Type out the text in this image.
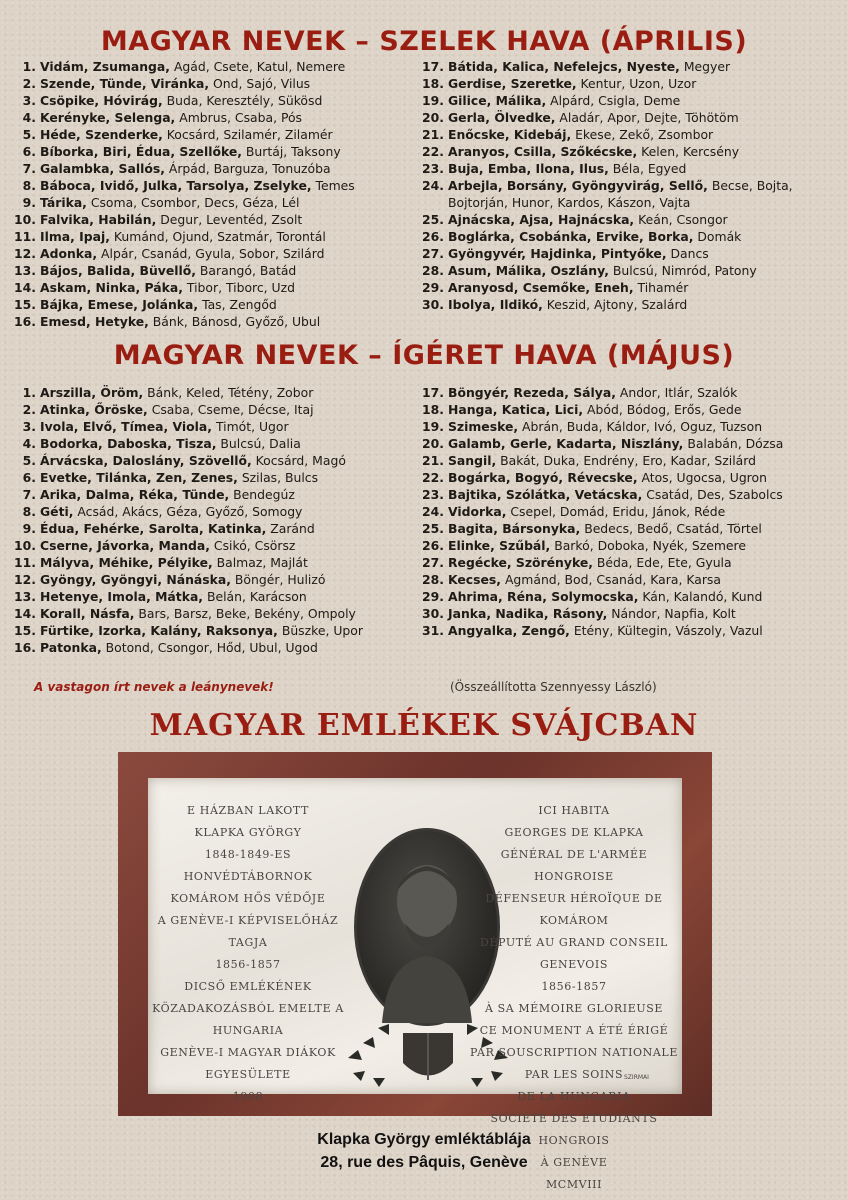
MAGYAR NEVEK – SZELEK HAVA (ÁPRILIS)
1. Vidám, Zsumanga, Agád, Csete, Katul, Nemere
2. Szende, Tünde, Viránka, Ond, Sajó, Vilus
3. Csöpike, Hóvirág, Buda, Keresztély, Sükösd
4. Kerényke, Selenga, Ambrus, Csaba, Pós
5. Héde, Szenderke, Kocsárd, Szilamér, Zilamér
6. Bíborka, Biri, Édua, Szellőke, Burtáj, Taksony
7. Galambka, Sallós, Árpád, Barguza, Tonuzóba
8. Báboca, Ividő, Julka, Tarsolya, Zselyke, Temes
9. Tárika, Csoma, Csombor, Decs, Géza, Lél
10. Falvika, Habilán, Degur, Leventéd, Zsolt
11. Ilma, Ipaj, Kumánd, Ojund, Szatmár, Torontál
12. Adonka, Alpár, Csanád, Gyula, Sobor, Szilárd
13. Bájos, Balida, Büvellő, Barangó, Batád
14. Askam, Ninka, Páka, Tibor, Tiborc, Uzd
15. Bájka, Emese, Jolánka, Tas, Zengőd
16. Emesd, Hetyke, Bánk, Bánosd, Győző, Ubul
17. Bátida, Kalica, Nefelejcs, Nyeste, Megyer
18. Gerdise, Szeretke, Kentur, Uzon, Uzor
19. Gilice, Málika, Alpárd, Csigla, Deme
20. Gerla, Ölvedke, Aladár, Apor, Dejte, Töhötöm
21. Enőcske, Kidebáj, Ekese, Zekő, Zsombor
22. Aranyos, Csilla, Szőkécske, Kelen, Kercsény
23. Buja, Emba, Ilona, Ilus, Béla, Egyed
24. Arbejla, Borsány, Gyöngyvirág, Sellő, Becse, Bojta,
Bojtorján, Hunor, Kardos, Kászon, Vajta
25. Ajnácska, Ajsa, Hajnácska, Keán, Csongor
26. Boglárka, Csobánka, Ervike, Borka, Domák
27. Gyöngyvér, Hajdinka, Pintyőke, Dancs
28. Asum, Málika, Oszlány, Bulcsú, Nimród, Patony
29. Aranyosd, Csemőke, Eneh, Tihamér
30. Ibolya, Ildikó, Keszid, Ajtony, Szalárd
MAGYAR NEVEK – ÍGÉRET HAVA (MÁJUS)
1. Arszilla, Öröm, Bánk, Keled, Tétény, Zobor
2. Atinka, Őröske, Csaba, Cseme, Décse, Itaj
3. Ivola, Elvő, Tímea, Viola, Timót, Ugor
4. Bodorka, Daboska, Tisza, Bulcsú, Dalia
5. Árvácska, Daloslány, Szövellő, Kocsárd, Magó
6. Evetke, Tilánka, Zen, Zenes, Szilas, Bulcs
7. Arika, Dalma, Réka, Tünde, Bendegúz
8. Géti, Acsád, Akács, Géza, Győző, Somogy
9. Édua, Fehérke, Sarolta, Katinka, Zaránd
10. Cserne, Jávorka, Manda, Csikó, Csörsz
11. Mályva, Méhike, Pélyike, Balmaz, Majlát
12. Gyöngy, Gyöngyi, Nánáska, Böngér, Hulizó
13. Hetenye, Imola, Mátka, Belán, Karácson
14. Korall, Násfa, Bars, Barsz, Beke, Bekény, Ompoly
15. Fürtike, Izorka, Kalány, Raksonya, Büszke, Upor
16. Patonka, Botond, Csongor, Hőd, Ubul, Ugod
17. Böngyér, Rezeda, Sálya, Andor, Itlár, Szalók
18. Hanga, Katica, Lici, Abód, Bódog, Erős, Gede
19. Szimeske, Abrán, Buda, Káldor, Ivó, Oguz, Tuzson
20. Galamb, Gerle, Kadarta, Niszlány, Balabán, Dózsa
21. Sangil, Bakát, Duka, Endrény, Ero, Kadar, Szilárd
22. Bogárka, Bogyó, Révecske, Atos, Ugocsa, Ugron
23. Bajtika, Szólátka, Vetácska, Csatád, Des, Szabolcs
24. Vidorka, Csepel, Domád, Eridu, Jánok, Réde
25. Bagita, Bársonyka, Bedecs, Bedő, Csatád, Törtel
26. Elinke, Szűbál, Barkó, Doboka, Nyék, Szemere
27. Regécke, Szörényke, Béda, Ede, Ete, Gyula
28. Kecses, Agmánd, Bod, Csanád, Kara, Karsa
29. Ahrima, Réna, Solymocska, Kán, Kalandó, Kund
30. Janka, Nadika, Rásony, Nándor, Napfia, Kolt
31. Angyalka, Zengő, Etény, Kültegin, Vászoly, Vazul
A vastagon írt nevek a leánynevek!	(Összeállította Szennyessy László)
MAGYAR EMLÉKEK SVÁJCBAN
E HÁZBAN LAKOTT
KLAPKA GYÖRGY
1848-1849-ES HONVÉDTÁBORNOK
KOMÁROM HŐS VÉDŐJE
A GENÈVE-I KÉPVISELŐHÁZ TAGJA
1856-1857
DICSŐ EMLÉKÉNEK
KÖZADAKOZÁSBÓL EMELTE A
HUNGARIA
GENÈVE-I MAGYAR DIÁKOK EGYESÜLETE
1908
ICI HABITA
GEORGES DE KLAPKA
GÉNÉRAL DE L'ARMÉE HONGROISE
DÉFENSEUR HÉROÏQUE DE KOMÁROM
DÉPUTÉ AU GRAND CONSEIL GENEVOIS
1856-1857
À SA MÉMOIRE GLORIEUSE
CE MONUMENT A ÉTÉ ÉRIGÉ
PAR SOUSCRIPTION NATIONALE
PAR LES SOINS
DE LA HUNGARIA
SOCIÉTÉ DES ETUDIANTS HONGROIS
À GENÈVE
MCMVIII
SZIRMAI
Klapka György emléktáblája
28, rue des Pâquis, Genève
